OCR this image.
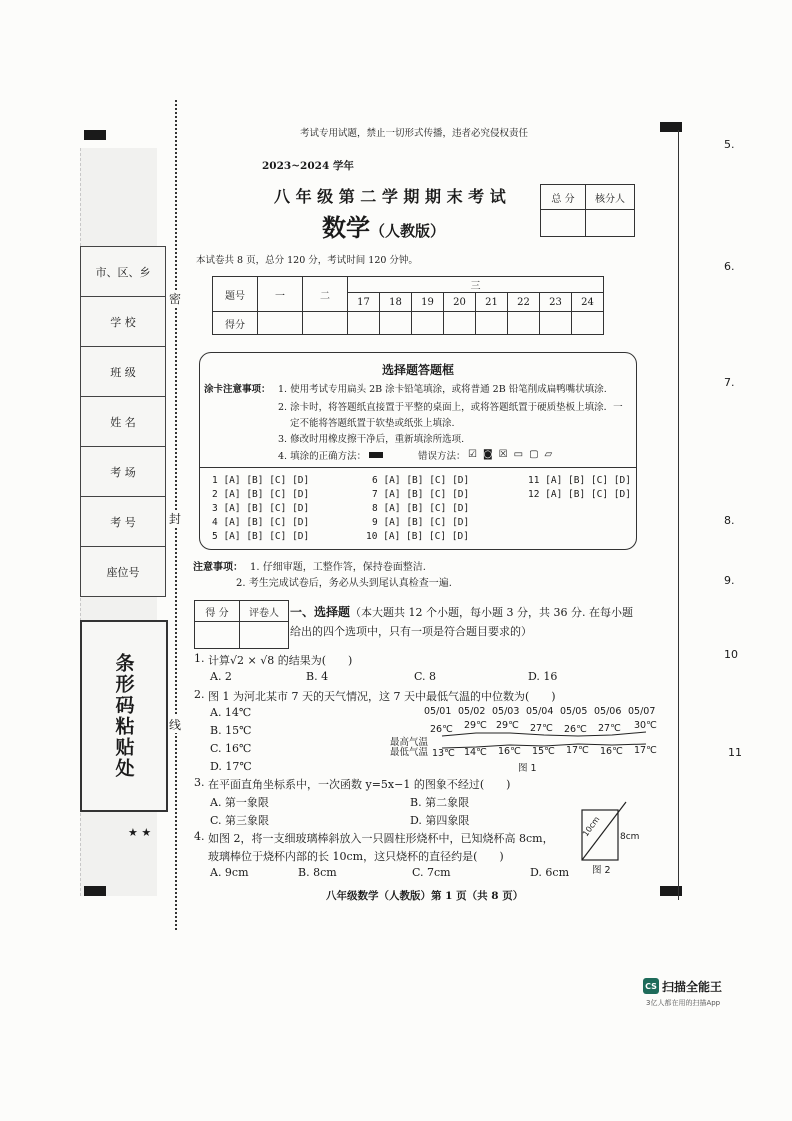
市、区、乡
学 校
班 级
姓 名
考 场
考 号
座位号
条形码粘贴处
★ ★
密
封
线
5.
6.
7.
8.
9.
10
11
考试专用试题，禁止一切形式传播，违者必究侵权责任
2023~2024 学年
八 年 级 第 二 学 期 期 末 考 试
数学（人教版）
本试卷共 8 页，总分 120 分，考试时间 120 分钟。
总 分	核分人

题号	一	二	三							
			17	18	19	20	21	22	23	24
得分										
选择题答题框
涂卡注意事项： 1. 使用考试专用扁头 2B 涂卡铅笔填涂，或将普通 2B 铅笔削成扁鸭嘴状填涂.
2. 涂卡时，将答题纸直接置于平整的桌面上，或将答题纸置于硬质垫板上填涂．一
定不能将答题纸置于软垫或纸张上填涂.
3. 修改时用橡皮擦干净后，重新填涂所选项.
4. 填涂的正确方法：	错误方法： ☑◙☒▭▢▱
1 [A] [B] [C] [D]
2 [A] [B] [C] [D]
3 [A] [B] [C] [D]
4 [A] [B] [C] [D]
5 [A] [B] [C] [D]
6 [A] [B] [C] [D]
7 [A] [B] [C] [D]
8 [A] [B] [C] [D]
9 [A] [B] [C] [D]
10 [A] [B] [C] [D]
11 [A] [B] [C] [D]
12 [A] [B] [C] [D]
注意事项： 1. 仔细审题，工整作答，保持卷面整洁.
2. 考生完成试卷后，务必从头到尾认真检查一遍.
得 分	评卷人
	一、选择题（本大题共 12 个小题，每小题 3 分，共 36 分. 在每小题
给出的四个选项中，只有一项是符合题目要求的）
1. 计算√2 × √8 的结果为(　　)
A. 2	B. 4	C. 8	D. 16
2. 图 1 为河北某市 7 天的天气情况，这 7 天中最低气温的中位数为(　　)
A. 14℃
B. 15℃
C. 16℃
D. 17℃
05/01 05/02 05/03 05/04 05/05 05/06 05/07
26℃ 29℃ 29℃ 27℃ 26℃ 27℃ 30℃
最高气温
最低气温 13℃ 14℃ 16℃ 15℃ 17℃ 16℃ 17℃
图 1
3. 在平面直角坐标系中，一次函数 y=5x−1 的图象不经过(　　)
A. 第一象限	B. 第二象限
C. 第三象限	D. 第四象限
4. 如图 2，将一支细玻璃棒斜放入一只圆柱形烧杯中，已知烧杯高 8cm，
玻璃棒位于烧杯内部的长 10cm，这只烧杯的直径约是(　　)
A. 9cm	B. 8cm	C. 7cm	D. 6cm
10cm 8cm
图 2
八年级数学（人教版）第 1 页（共 8 页）
CS 扫描全能王
3亿人都在用的扫描App
